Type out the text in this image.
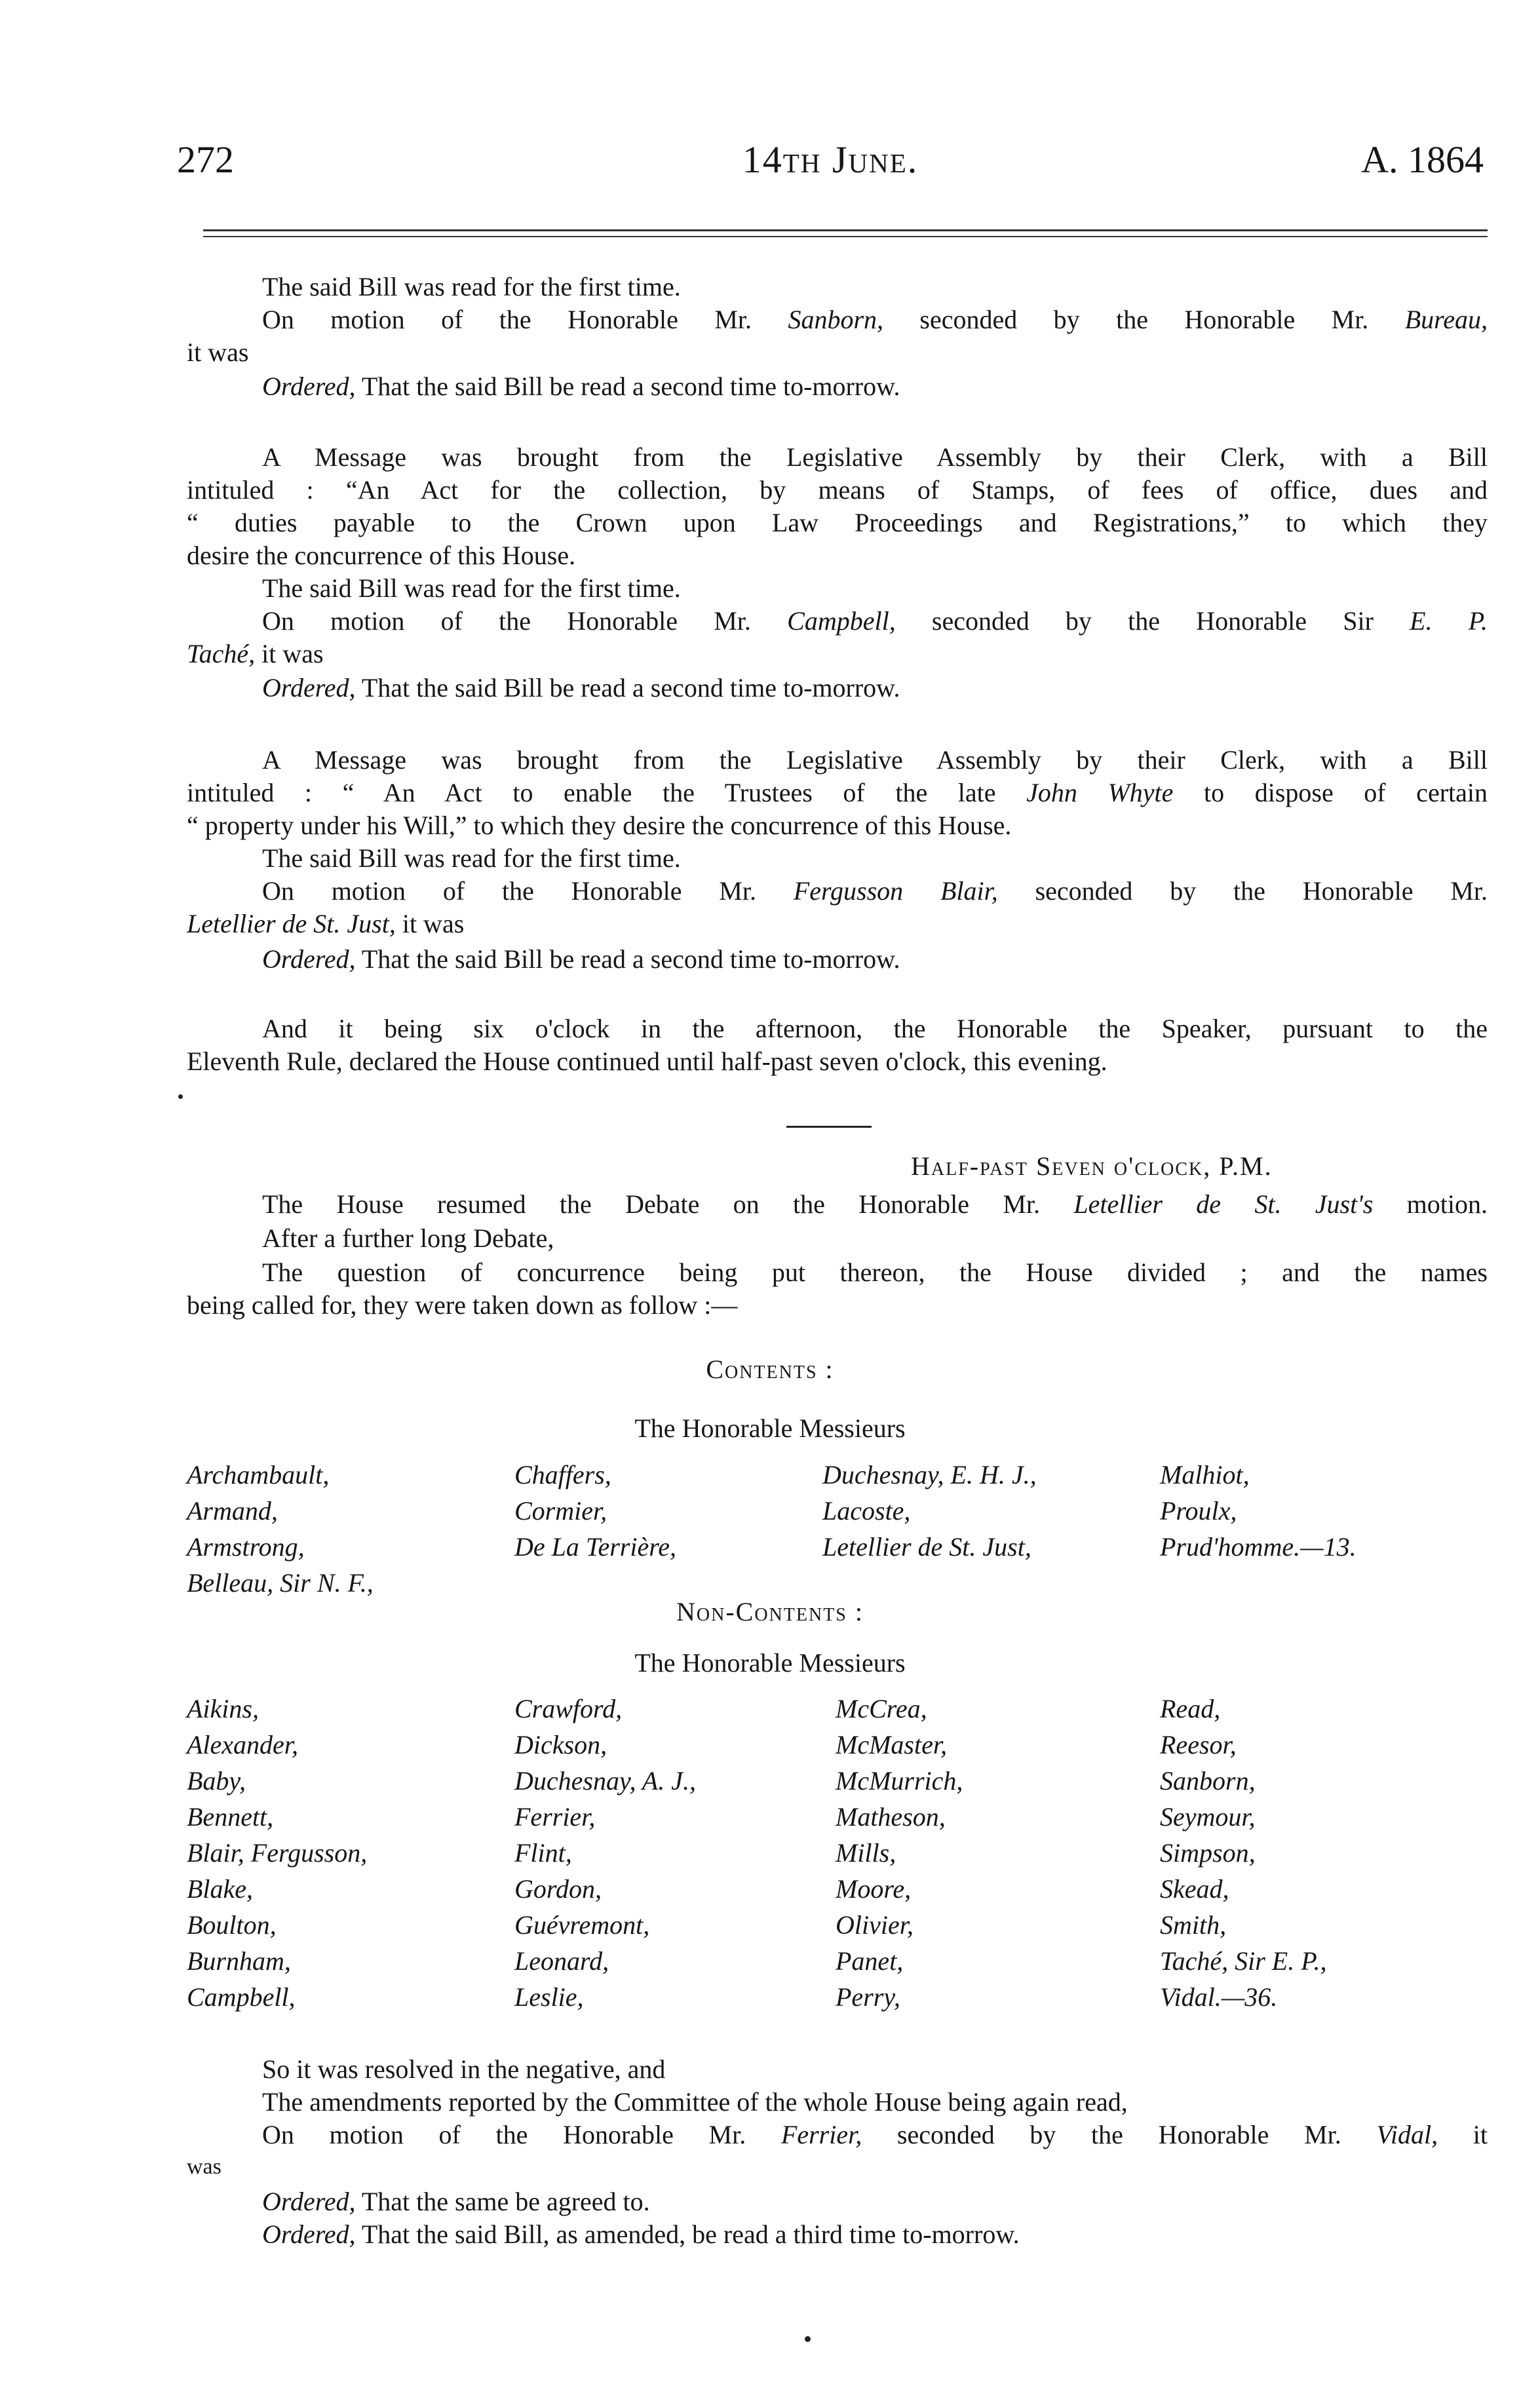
272	14th June.	A. 1864
The said Bill was read for the first time.
On motion of the Honorable Mr. Sanborn, seconded by the Honorable Mr. Bureau,
it was
Ordered, That the said Bill be read a second time to-morrow.
A Message was brought from the Legislative Assembly by their Clerk, with a Bill
intituled : “An Act for the collection, by means of Stamps, of fees of office, dues and
“ duties payable to the Crown upon Law Proceedings and Registrations,” to which they
desire the concurrence of this House.
The said Bill was read for the first time.
On motion of the Honorable Mr. Campbell, seconded by the Honorable Sir E. P.
Taché, it was
Ordered, That the said Bill be read a second time to-morrow.
A Message was brought from the Legislative Assembly by their Clerk, with a Bill
intituled : “ An Act to enable the Trustees of the late John Whyte to dispose of certain
“ property under his Will,” to which they desire the concurrence of this House.
The said Bill was read for the first time.
On motion of the Honorable Mr. Fergusson Blair, seconded by the Honorable Mr.
Letellier de St. Just, it was
Ordered, That the said Bill be read a second time to-morrow.
And it being six o'clock in the afternoon, the Honorable the Speaker, pursuant to the
Eleventh Rule, declared the House continued until half-past seven o'clock, this evening.
Half-past Seven o'clock, P.M.
The House resumed the Debate on the Honorable Mr. Letellier de St. Just's motion.
After a further long Debate,
The question of concurrence being put thereon, the House divided ; and the names
being called for, they were taken down as follow :—
Contents :
The Honorable Messieurs
Archambault,
Armand,
Armstrong,
Belleau, Sir N. F.,
Chaffers,
Cormier,
De La Terrière,
Duchesnay, E. H. J.,
Lacoste,
Letellier de St. Just,
Malhiot,
Proulx,
Prud'homme.—13.
Non-Contents :
The Honorable Messieurs
Aikins,
Alexander,
Baby,
Bennett,
Blair, Fergusson,
Blake,
Boulton,
Burnham,
Campbell,
Crawford,
Dickson,
Duchesnay, A. J.,
Ferrier,
Flint,
Gordon,
Guévremont,
Leonard,
Leslie,
McCrea,
McMaster,
McMurrich,
Matheson,
Mills,
Moore,
Olivier,
Panet,
Perry,
Read,
Reesor,
Sanborn,
Seymour,
Simpson,
Skead,
Smith,
Taché, Sir E. P.,
Vidal.—36.
So it was resolved in the negative, and
The amendments reported by the Committee of the whole House being again read,
On motion of the Honorable Mr. Ferrier, seconded by the Honorable Mr. Vidal, it
was
Ordered, That the same be agreed to.
Ordered, That the said Bill, as amended, be read a third time to-morrow.
